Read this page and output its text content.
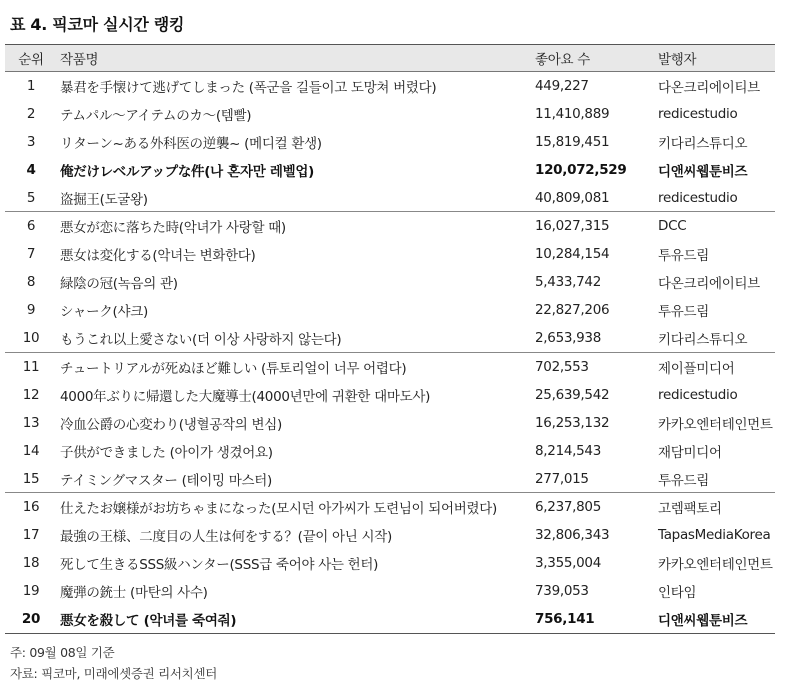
표 4. 픽코마 실시간 랭킹
순위	작품명	좋아요 수	발행자
1	暴君を手懐けて逃げてしまった (폭군을 길들이고 도망쳐 버렸다)	449,227	다온크리에이티브
2	テムパル〜アイテムのカ〜(템빨)	11,410,889	redicestudio
3	リターン~ある外科医の逆襲~ (메디컬 환생)	15,819,451	키다리스튜디오
4	俺だけレベルアップな件(나 혼자만 레벨업)	120,072,529	디앤씨웹툰비즈
5	盗掘王(도굴왕)	40,809,081	redicestudio
6	悪女が恋に落ちた時(악녀가 사랑할 때)	16,027,315	DCC
7	悪女は変化する(악녀는 변화한다)	10,284,154	투유드림
8	緑陰の冠(녹음의 관)	5,433,742	다온크리에이티브
9	シャーク(샤크)	22,827,206	투유드림
10	もうこれ以上愛さない(더 이상 사랑하지 않는다)	2,653,938	키다리스튜디오
11	チュートリアルが死ぬほど難しい (튜토리얼이 너무 어렵다)	702,553	제이플미디어
12	4000年ぶりに帰還した大魔導士(4000년만에 귀환한 대마도사)	25,639,542	redicestudio
13	冷血公爵の心変わり(냉혈공작의 변심)	16,253,132	카카오엔터테인먼트
14	子供ができました (아이가 생겼어요)	8,214,543	재담미디어
15	テイミングマスター (테이밍 마스터)	277,015	투유드림
16	仕えたお嬢様がお坊ちゃまになった(모시던 아가씨가 도련님이 되어버렸다)	6,237,805	고렘팩토리
17	最強の王様、二度目の人生は何をする？(끝이 아닌 시작)	32,806,343	TapasMediaKorea
18	死して生きるSSS級ハンター(SSS급 죽어야 사는 헌터)	3,355,004	카카오엔터테인먼트
19	魔弾の銃士 (마탄의 사수)	739,053	인타임
20	悪女を殺して (악녀를 죽여줘)	756,141	디앤씨웹툰비즈
주: 09월 08일 기준
자료: 픽코마, 미래에셋증권 리서치센터
